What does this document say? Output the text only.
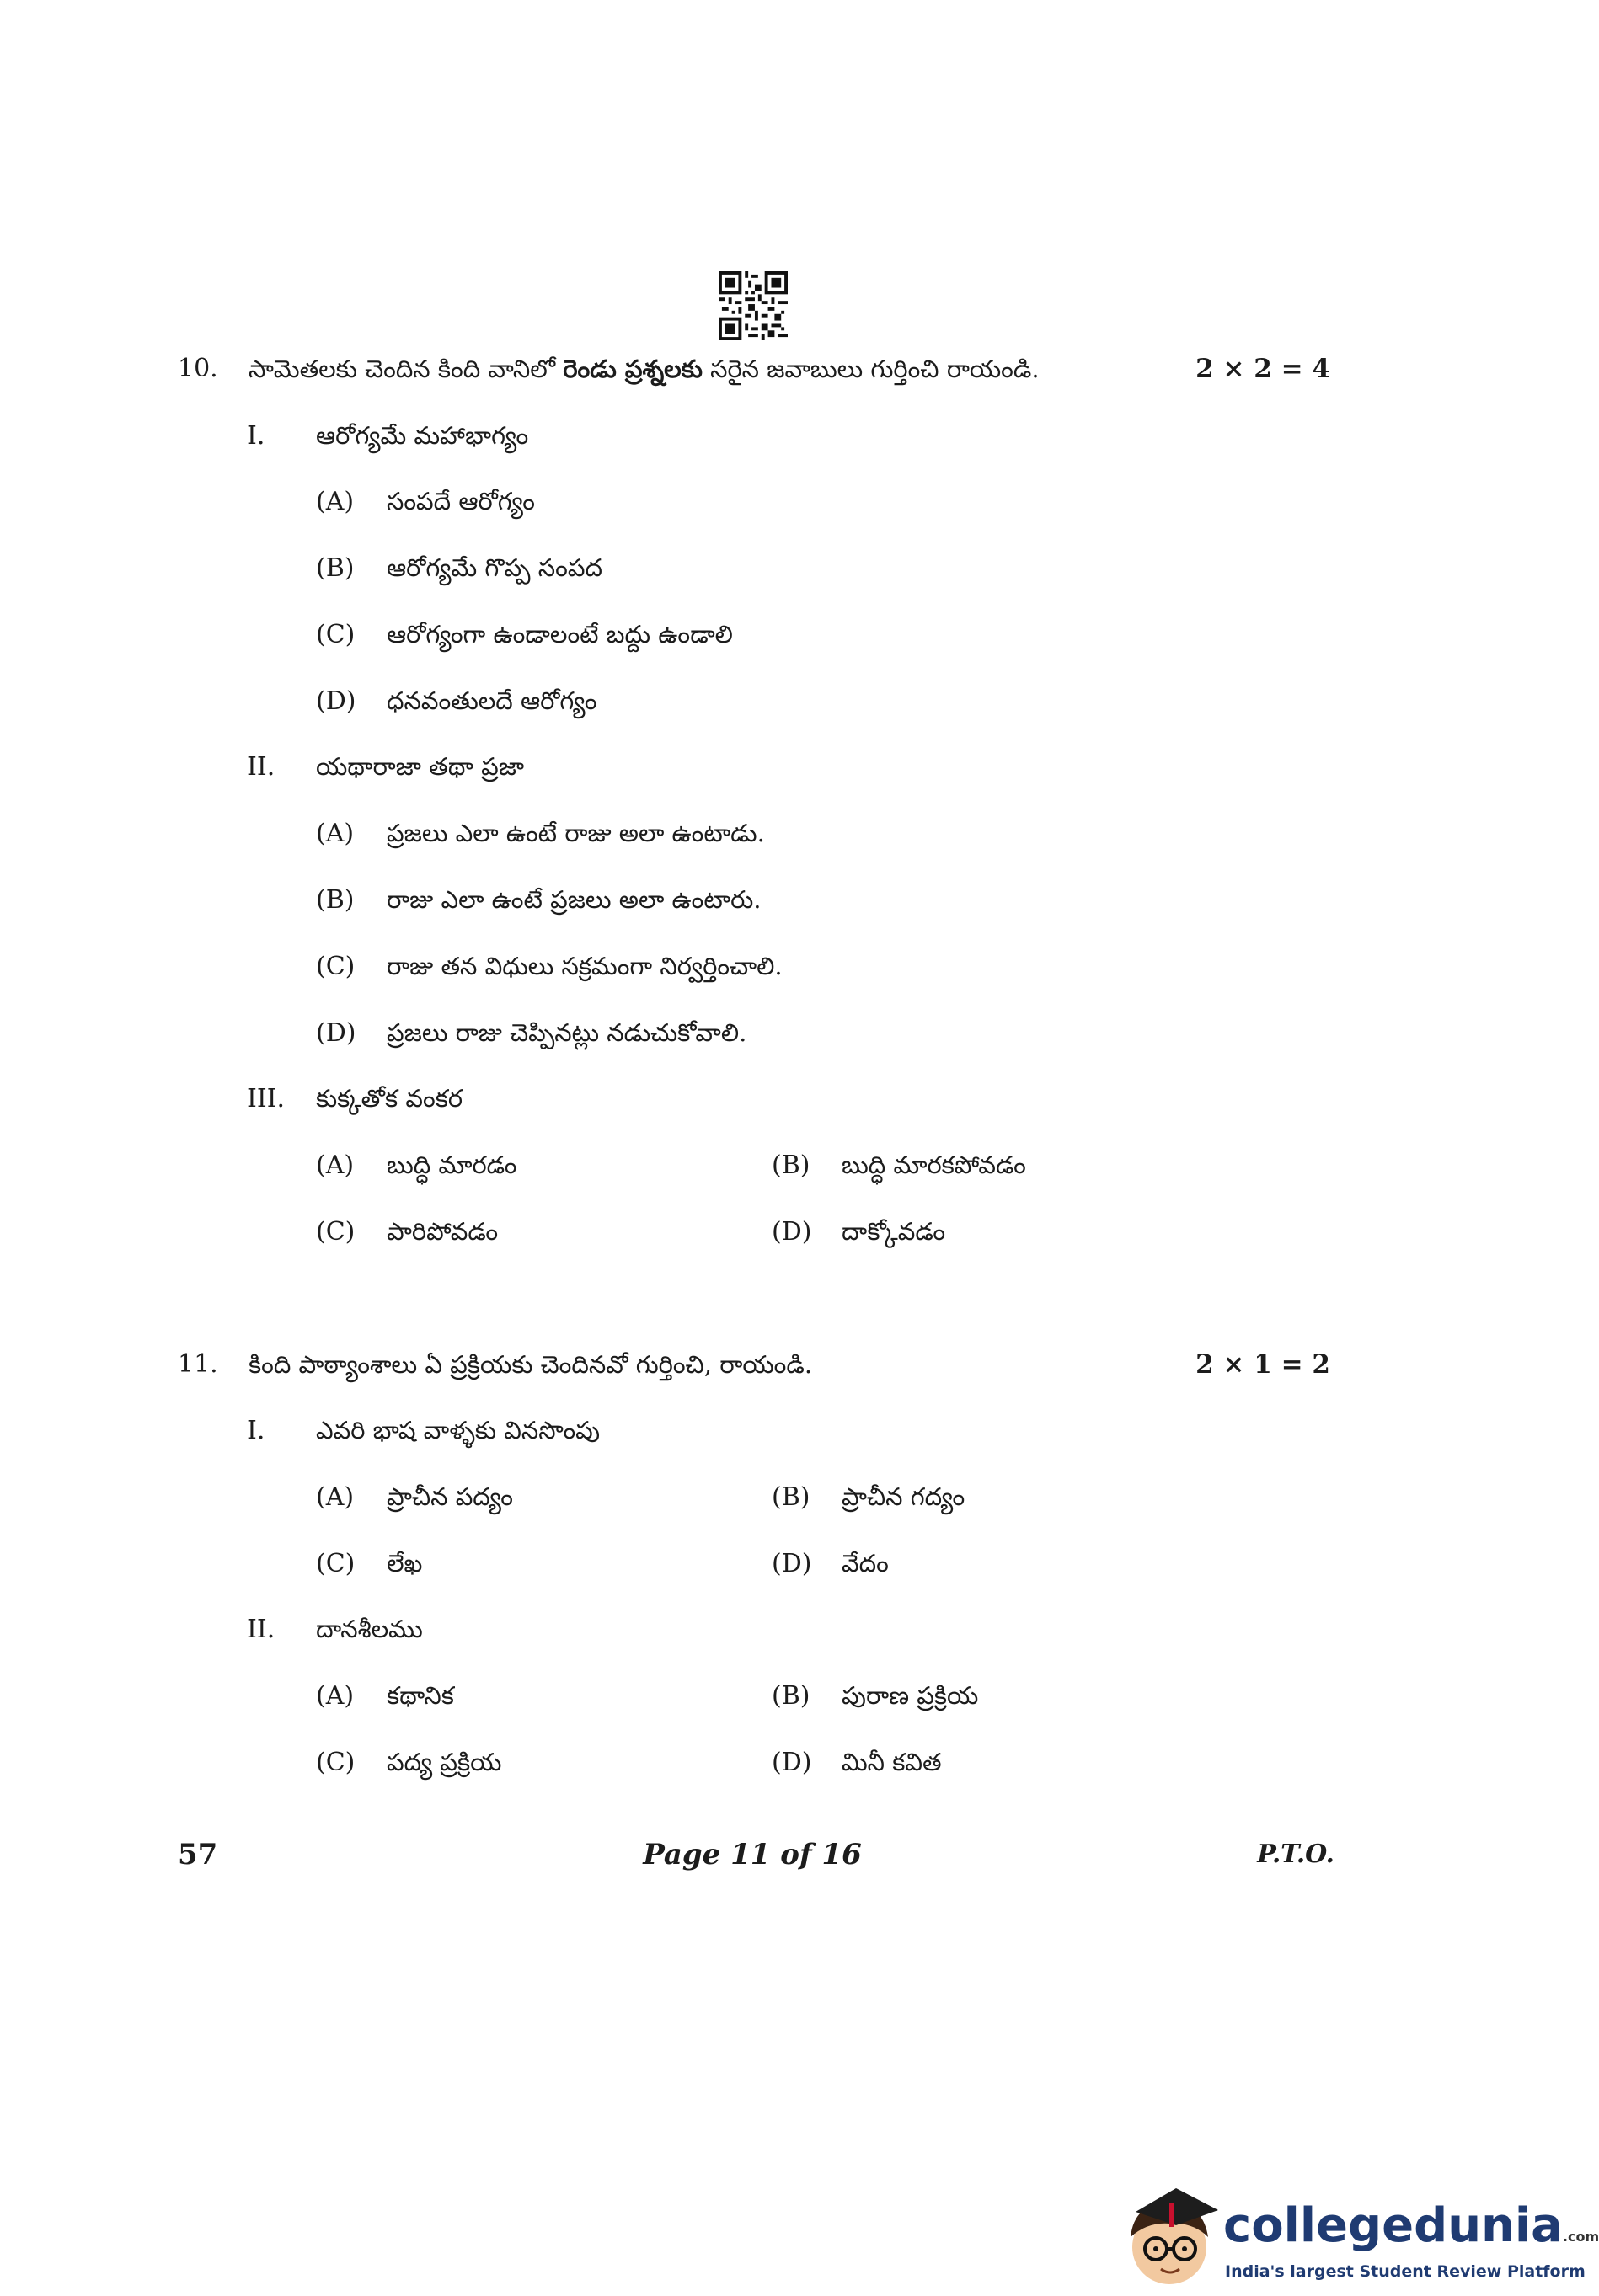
10. సామెతలకు చెందిన కింది వానిలో రెండు ప్రశ్నలకు సరైన జవాబులు గుర్తించి రాయండి.	2 × 2 = 4
I. ఆరోగ్యమే మహాభాగ్యం
(A) సంపదే ఆరోగ్యం
(B) ఆరోగ్యమే గొప్ప సంపద
(C) ఆరోగ్యంగా ఉండాలంటే బద్దు ఉండాలి
(D) ధనవంతులదే ఆరోగ్యం
II. యథారాజా తథా ప్రజా
(A) ప్రజలు ఎలా ఉంటే రాజు అలా ఉంటాడు.
(B) రాజు ఎలా ఉంటే ప్రజలు అలా ఉంటారు.
(C) రాజు తన విధులు సక్రమంగా నిర్వర్తించాలి.
(D) ప్రజలు రాజు చెప్పినట్లు నడుచుకోవాలి.
III. కుక్కతోక వంకర
(A) బుద్ధి మారడం	(B) బుద్ధి మారకపోవడం
(C) పారిపోవడం	(D) దాక్కోవడం
11. కింది పాఠ్యాంశాలు ఏ ప్రక్రియకు చెందినవో గుర్తించి, రాయండి.	2 × 1 = 2
I. ఎవరి భాష వాళ్ళకు వినసొంపు
(A) ప్రాచీన పద్యం	(B) ప్రాచీన గద్యం
(C) లేఖ	(D) వేదం
II. దానశీలము
(A) కథానిక	(B) పురాణ ప్రక్రియ
(C) పద్య ప్రక్రియ	(D) మినీ కవిత
57	Page 11 of 16	P.T.O.
collegedunia.com
India's largest Student Review Platform
